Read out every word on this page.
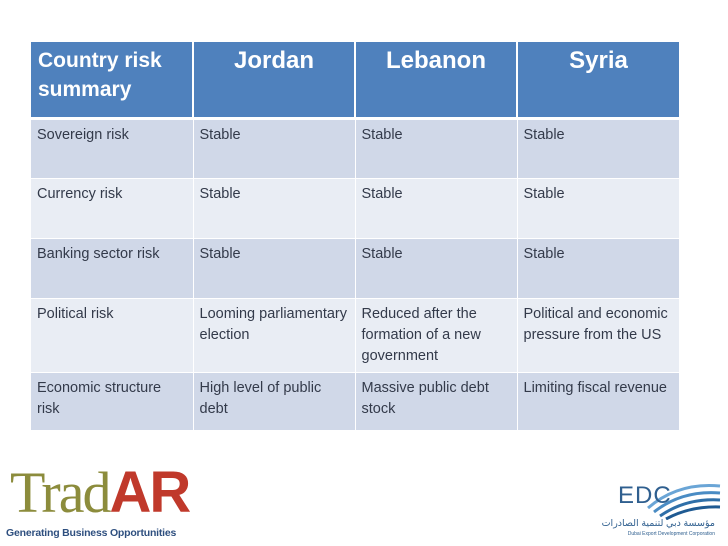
Country risk summary	Jordan	Lebanon	Syria
Sovereign risk	Stable	Stable	Stable
Currency risk	Stable	Stable	Stable
Banking sector risk	Stable	Stable	Stable
Political risk	Looming parliamentary election	Reduced after the formation of a new government	Political and economic pressure from the US
Economic structure risk	High level of public debt	Massive public debt stock	Limiting fiscal revenue
TradAR
Generating Business Opportunities
EDC
مؤسسة دبي لتنمية الصادرات
Dubai Export Development Corporation
